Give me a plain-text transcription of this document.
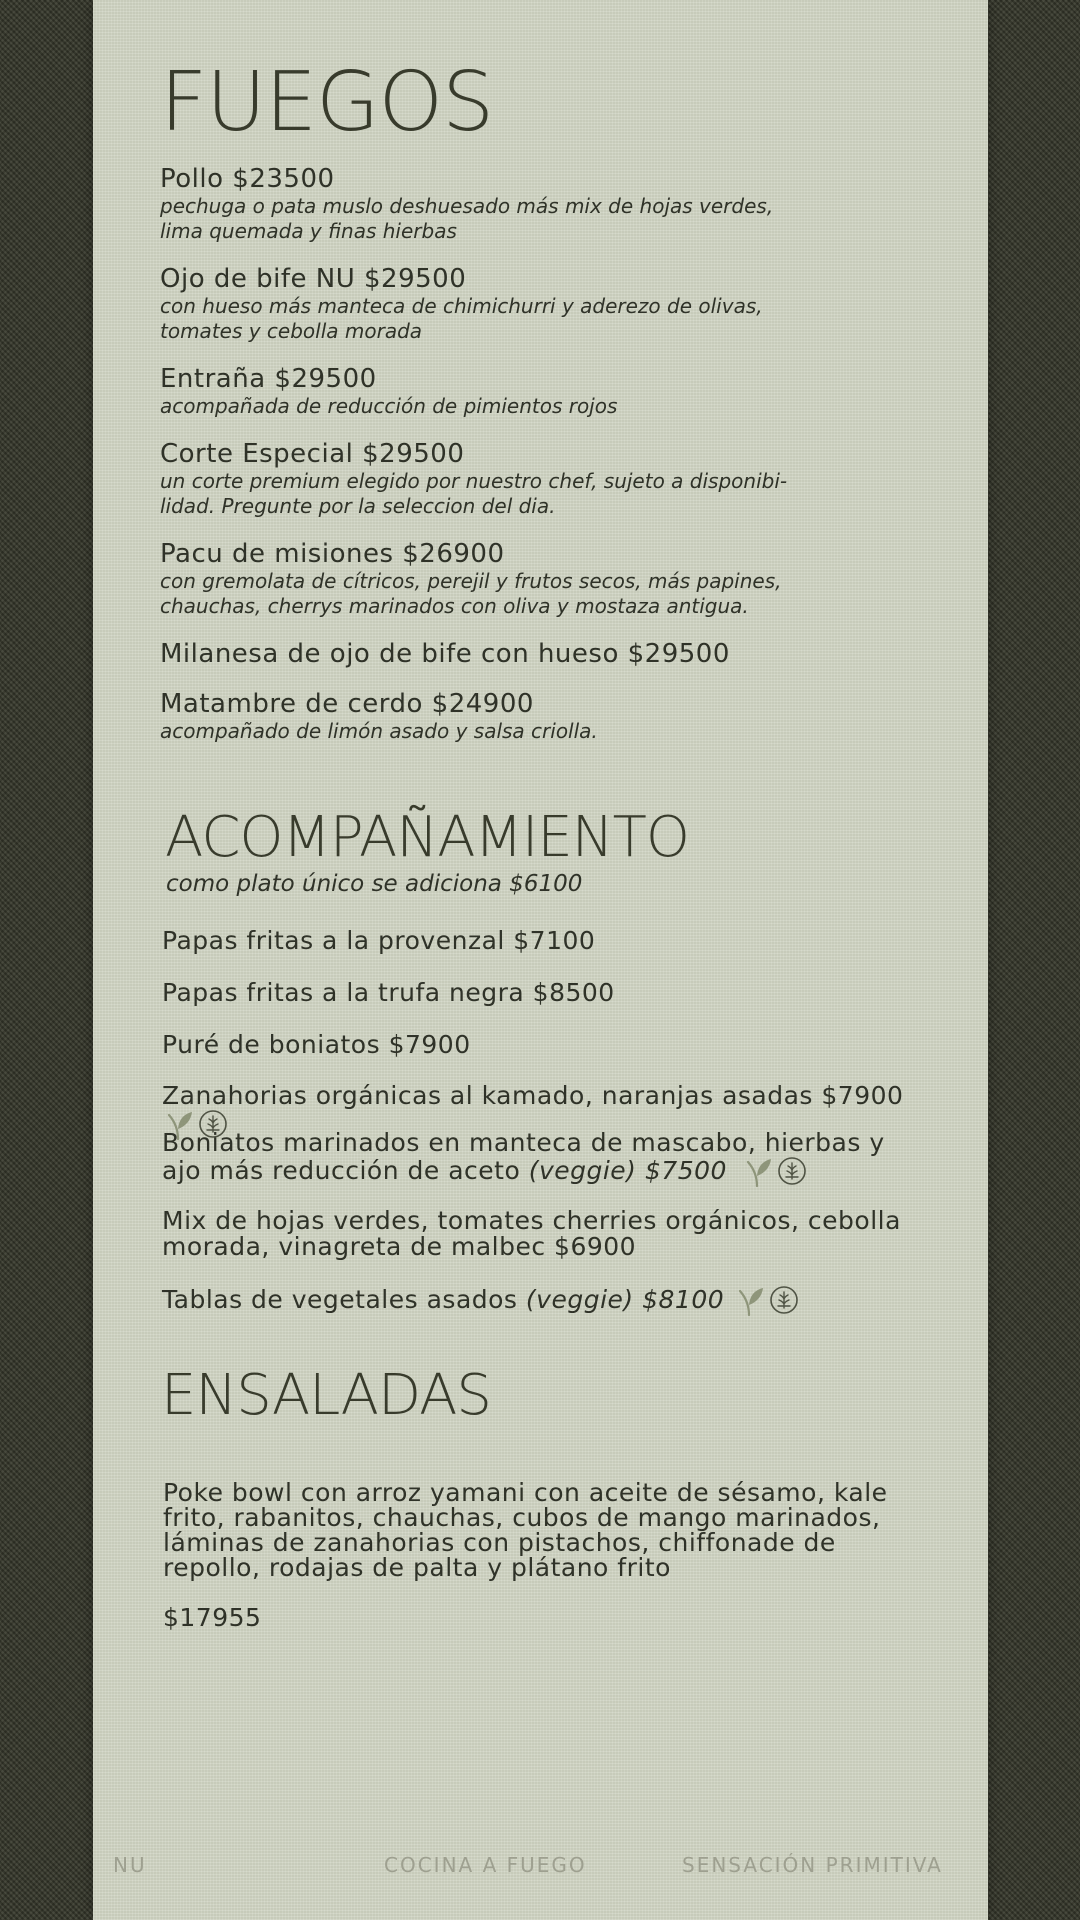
FUEGOS
Pollo $23500
pechuga o pata muslo deshuesado más mix de hojas verdes,
lima quemada y finas hierbas
Ojo de bife NU $29500
con hueso más manteca de chimichurri y aderezo de olivas,
tomates y cebolla morada
Entraña $29500
acompañada de reducción de pimientos rojos
Corte Especial $29500
un corte premium elegido por nuestro chef, sujeto a disponibi-
lidad. Pregunte por la seleccion del dia.
Pacu de misiones $26900
con gremolata de cítricos, perejil y frutos secos, más papines,
chauchas, cherrys marinados con oliva y mostaza antigua.
Milanesa de ojo de bife con hueso $29500
Matambre de cerdo $24900
acompañado de limón asado y salsa criolla.
ACOMPAÑAMIENTO
como plato único se adiciona $6100
Papas fritas a la provenzal $7100
Papas fritas a la trufa negra $8500
Puré de boniatos $7900
Zanahorias orgánicas al kamado, naranjas asadas $7900
Boniatos marinados en manteca de mascabo, hierbas y
ajo más reducción de aceto (veggie) $7500
Mix de hojas verdes, tomates cherries orgánicos, cebolla
morada, vinagreta de malbec $6900
Tablas de vegetales asados (veggie) $8100
ENSALADAS
Poke bowl con arroz yamani con aceite de sésamo, kale
frito, rabanitos, chauchas, cubos de mango marinados,
láminas de zanahorias con pistachos, chiffonade de
repollo, rodajas de palta y plátano frito
$17955
NU	COCINA A FUEGO	SENSACIÓN PRIMITIVA
